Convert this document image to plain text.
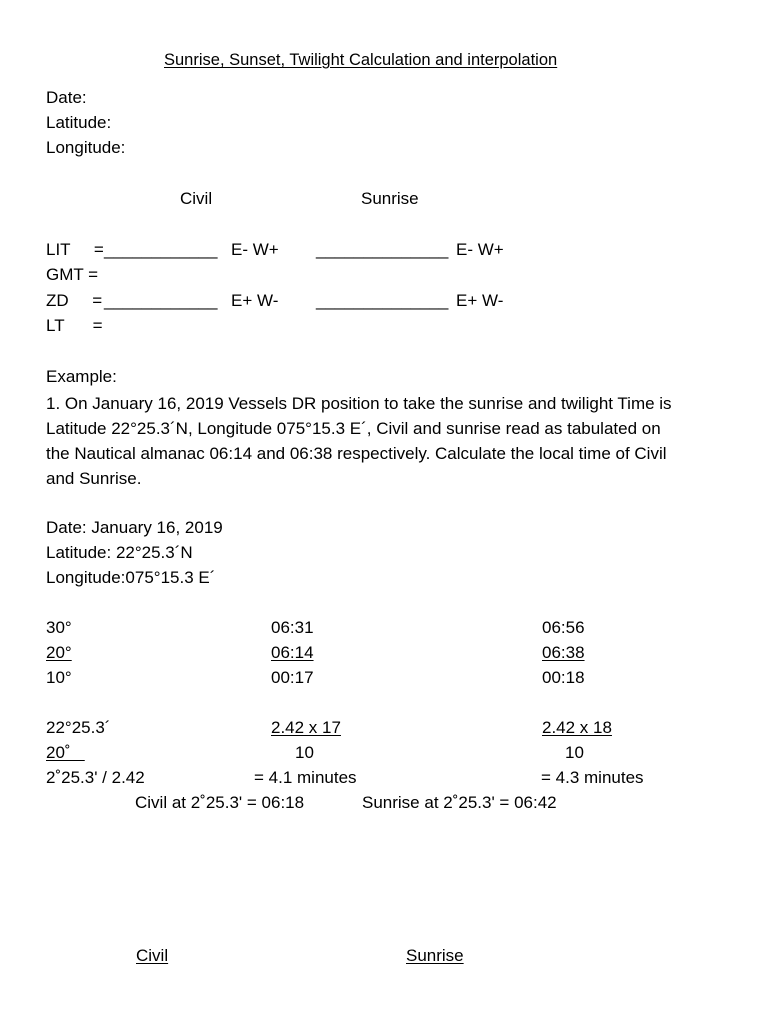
Sunrise, Sunset, Twilight Calculation and interpolation
Date:
Latitude:
Longitude:
Civil	Sunrise
LIT     = ____________ E- W+ ______________ E- W+
GMT =
ZD     = ____________ E+ W- ______________ E+ W-
LT      =
Example:
1. On January 16, 2019 Vessels DR position to take the sunrise and twilight Time is
Latitude 22°25.3´N, Longitude 075°15.3 E´, Civil and sunrise read as tabulated on
the Nautical almanac 06:14 and 06:38 respectively. Calculate the local time of Civil
and Sunrise.
Date: January 16, 2019
Latitude: 22°25.3´N
Longitude:075°15.3 E´
30°	06:31	06:56
20°	06:14	06:38
10°	00:17	00:18
22°25.3´	2.42 x 17	2.42 x 18
20˚	10	10
2˚25.3' / 2.42	= 4.1 minutes	= 4.3 minutes
Civil at 2˚25.3' = 06:18	Sunrise at 2˚25.3' = 06:42
Civil	Sunrise
